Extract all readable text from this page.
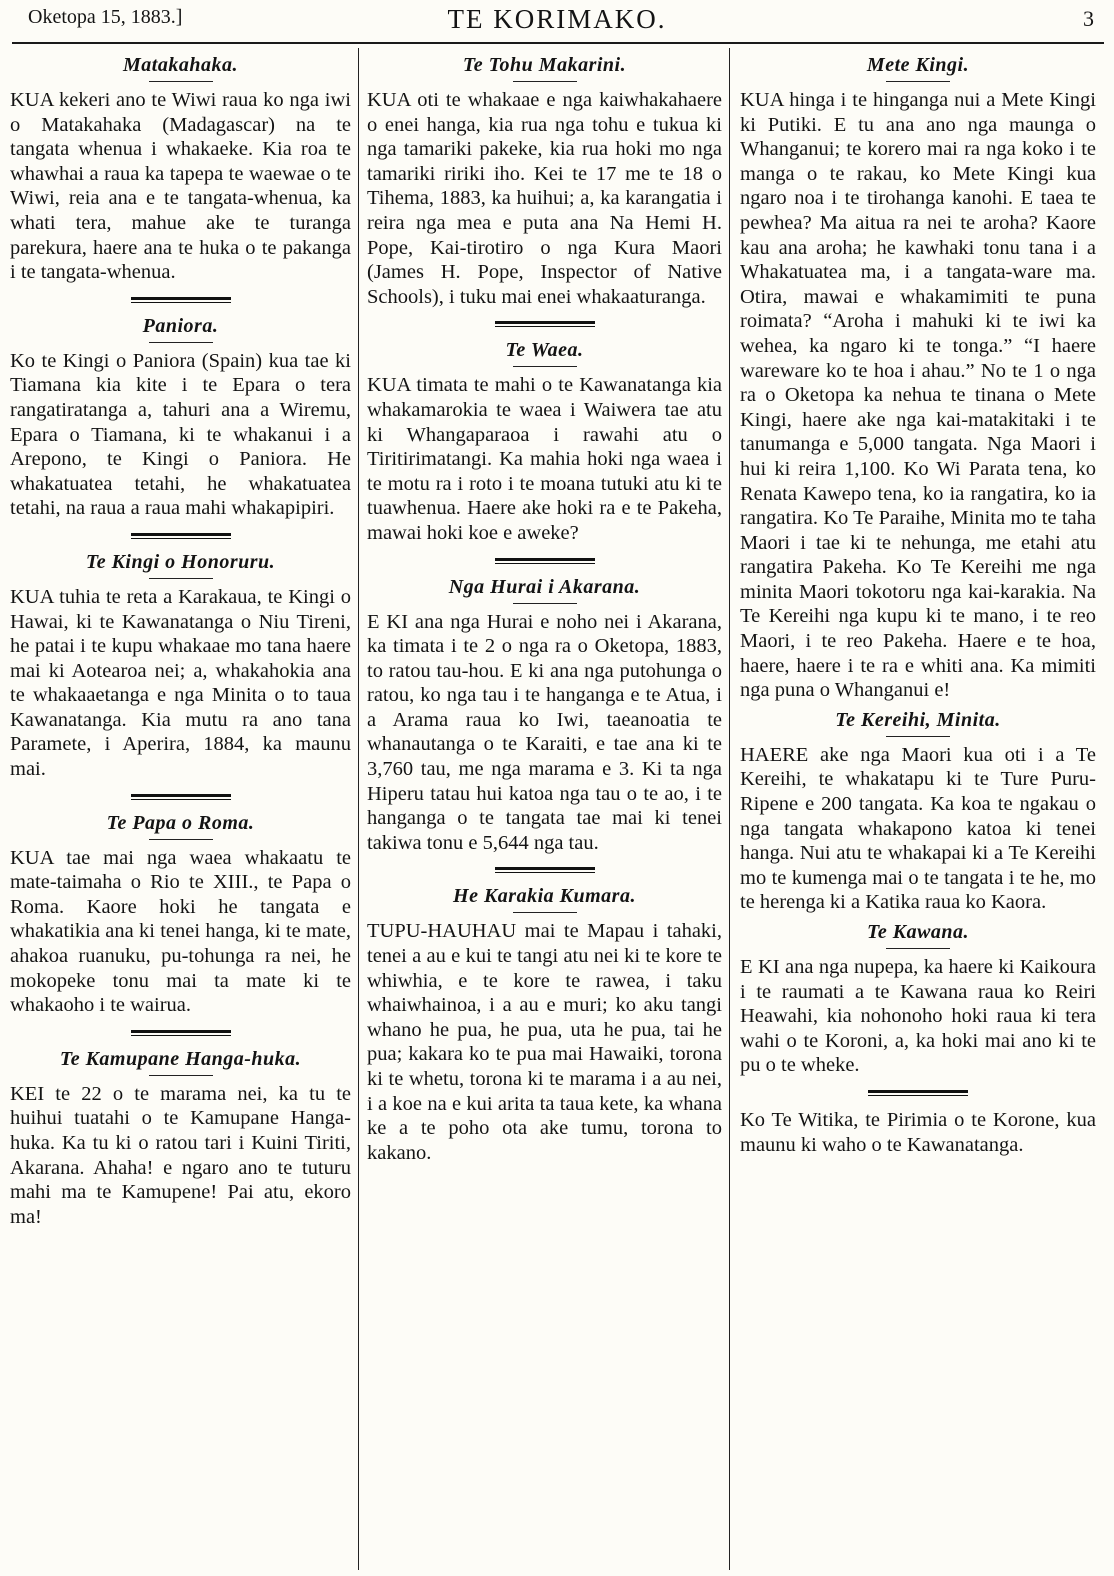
Oketopa 15, 1883.]	TE KORIMAKO.	3
Matakahaka.

KUA kekeri ano te Wiwi raua ko nga iwi o Matakahaka (Madagascar) na te tangata whenua i whakaeke. Kia roa te whawhai a raua ka tapepa te waewae o te Wiwi, reia ana e te tangata-whenua, ka whati tera, mahue ake te turanga parekura, haere ana te huka o te pakanga i te tangata-whenua.

Paniora.

Ko te Kingi o Paniora (Spain) kua tae ki Tiamana kia kite i te Epara o tera rangatiratanga a, tahuri ana a Wiremu, Epara o Tiamana, ki te whakanui i a Arepono, te Kingi o Paniora. He whakatuatea tetahi, he whakatuatea tetahi, na raua a raua mahi whakapipiri.

Te Kingi o Honoruru.

KUA tuhia te reta a Karakaua, te Kingi o Hawai, ki te Kawanatanga o Niu Tireni, he patai i te kupu whakaae mo tana haere mai ki Aotearoa nei; a, whakahokia ana te whakaaetanga e nga Minita o to taua Kawanatanga. Kia mutu ra ano tana Paramete, i Aperira, 1884, ka maunu mai.

Te Papa o Roma.

KUA tae mai nga waea whakaatu te mate-taimaha o Rio te XIII., te Papa o Roma. Kaore hoki he tangata e whakatikia ana ki tenei hanga, ki te mate, ahakoa ruanuku, pu-tohunga ra nei, he mokopeke tonu mai ta mate ki te whakaoho i te wairua.

Te Kamupane Hanga-huka.

KEI te 22 o te marama nei, ka tu te huihui tuatahi o te Kamupane Hanga-huka. Ka tu ki o ratou tari i Kuini Tiriti, Akarana. Ahaha! e ngaro ano te tuturu mahi ma te Kamupene! Pai atu, ekoro ma!

Te Tohu Makarini.

KUA oti te whakaae e nga kaiwhakahaere o enei hanga, kia rua nga tohu e tukua ki nga tamariki pakeke, kia rua hoki mo nga tamariki ririki iho. Kei te 17 me te 18 o Tihema, 1883, ka huihui; a, ka karangatia i reira nga mea e puta ana Na Hemi H. Pope, Kai-tirotiro o nga Kura Maori (James H. Pope, Inspector of Native Schools), i tuku mai enei whakaaturanga.

Te Waea.

KUA timata te mahi o te Kawanatanga kia whakamarokia te waea i Waiwera tae atu ki Whangaparaoa i rawahi atu o Tiritirimatangi. Ka mahia hoki nga waea i te motu ra i roto i te moana tutuki atu ki te tuawhenua. Haere ake hoki ra e te Pakeha, mawai hoki koe e aweke?

Nga Hurai i Akarana.

E KI ana nga Hurai e noho nei i Akarana, ka timata i te 2 o nga ra o Oketopa, 1883, to ratou tau-hou. E ki ana nga putohunga o ratou, ko nga tau i te hanganga e te Atua, i a Arama raua ko Iwi, taeanoatia te whanautanga o te Karaiti, e tae ana ki te 3,760 tau, me nga marama e 3. Ki ta nga Hiperu tatau hui katoa nga tau o te ao, i te hanganga o te tangata tae mai ki tenei takiwa tonu e 5,644 nga tau.

He Karakia Kumara.

TUPU-HAUHAU mai te Mapau i tahaki, tenei a au e kui te tangi atu nei ki te kore te whiwhia, e te kore te rawea, i taku whaiwhainoa, i a au e muri; ko aku tangi whano he pua, he pua, uta he pua, tai he pua; kakara ko te pua mai Hawaiki, torona ki te whetu, torona ki te marama i a au nei, i a koe na e kui arita ta taua kete, ka whana ke a te poho ota ake tumu, torona to kakano.

Mete Kingi.

KUA hinga i te hinganga nui a Mete Kingi ki Putiki. E tu ana ano nga maunga o Whanganui; te korero mai ra nga koko i te manga o te rakau, ko Mete Kingi kua ngaro noa i te tirohanga kanohi. E taea te pewhea? Ma aitua ra nei te aroha? Kaore kau ana aroha; he kawhaki tonu tana i a Whakatuatea ma, i a tangata-ware ma. Otira, mawai e whakamimiti te puna roimata? “Aroha i mahuki ki te iwi ka wehea, ka ngaro ki te tonga.” “I haere wareware ko te hoa i ahau.” No te 1 o nga ra o Oketopa ka nehua te tinana o Mete Kingi, haere ake nga kai-matakitaki i te tanumanga e 5,000 tangata. Nga Maori i hui ki reira 1,100. Ko Wi Parata tena, ko Renata Kawepo tena, ko ia rangatira, ko ia rangatira. Ko Te Paraihe, Minita mo te taha Maori i tae ki te nehunga, me etahi atu rangatira Pakeha. Ko Te Kereihi me nga minita Maori tokotoru nga kai-karakia. Na Te Kereihi nga kupu ki te mano, i te reo Maori, i te reo Pakeha. Haere e te hoa, haere, haere i te ra e whiti ana. Ka mimiti nga puna o Whanganui e!

Te Kereihi, Minita.

HAERE ake nga Maori kua oti i a Te Kereihi, te whakatapu ki te Ture Puru-Ripene e 200 tangata. Ka koa te ngakau o nga tangata whakapono katoa ki tenei hanga. Nui atu te whakapai ki a Te Kereihi mo te kumenga mai o te tangata i te he, mo te herenga ki a Katika raua ko Kaora.

Te Kawana.

E KI ana nga nupepa, ka haere ki Kaikoura i te raumati a te Kawana raua ko Reiri Heawahi, kia nohonoho hoki raua ki tera wahi o te Koroni, a, ka hoki mai ano ki te pu o te wheke.

Ko Te Witika, te Pirimia o te Korone, kua maunu ki waho o te Kawanatanga.
